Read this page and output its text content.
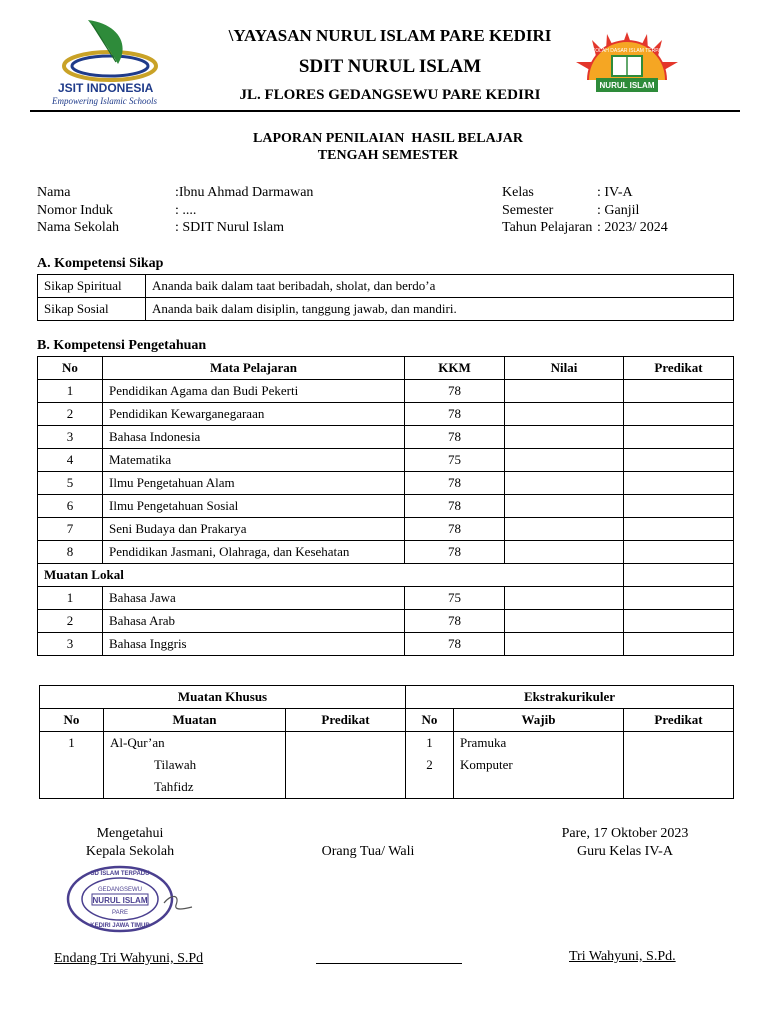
JSIT INDONESIA
Empowering Islamic Schools
\YAYASAN NURUL ISLAM PARE KEDIRI
SDIT NURUL ISLAM
JL. FLORES GEDANGSEWU PARE KEDIRI
NURUL ISLAM
SEKOLAH DASAR ISLAM TERPADU
LAPORAN PENILAIAN  HASIL BELAJAR
TENGAH SEMESTER
Nama	:Ibnu Ahmad Darmawan
Nomor Induk	: ....
Nama Sekolah	: SDIT Nurul Islam
Kelas	: IV-A
Semester	: Ganjil
Tahun Pelajaran : 2023/ 2024
A. Kompetensi Sikap
Sikap Spiritual	Ananda baik dalam taat beribadah, sholat, dan berdo’a
Sikap Sosial	Ananda baik dalam disiplin, tanggung jawab, dan mandiri.
B. Kompetensi Pengetahuan
No	Mata Pelajaran	KKM	Nilai	Predikat
1	Pendidikan Agama dan Budi Pekerti	78		
2	Pendidikan Kewarganegaraan	78		
3	Bahasa Indonesia	78		
4	Matematika	75		
5	Ilmu Pengetahuan Alam	78		
6	Ilmu Pengetahuan Sosial	78		
7	Seni Budaya dan Prakarya	78		
8	Pendidikan Jasmani, Olahraga, dan Kesehatan	78		
Muatan Lokal				
1	Bahasa Jawa	75		
2	Bahasa Arab	78		
3	Bahasa Inggris	78		
Muatan Khusus			Ekstrakurikuler		
No	Muatan	Predikat	No	Wajib	Predikat
1	Al-Qur’an		1	Pramuka	
	Tilawah		2	Komputer	
	Tahfidz				
Mengetahui
Kepala Sekolah	Orang Tua/ Wali
Pare, 17 Oktober 2023
Guru Kelas IV-A
SD ISLAM TERPADU
GEDANGSEWU
NURUL ISLAM
PARE
KEDIRI JAWA TIMUR
Endang Tri Wahyuni, S.Pd	Tri Wahyuni, S.Pd.
